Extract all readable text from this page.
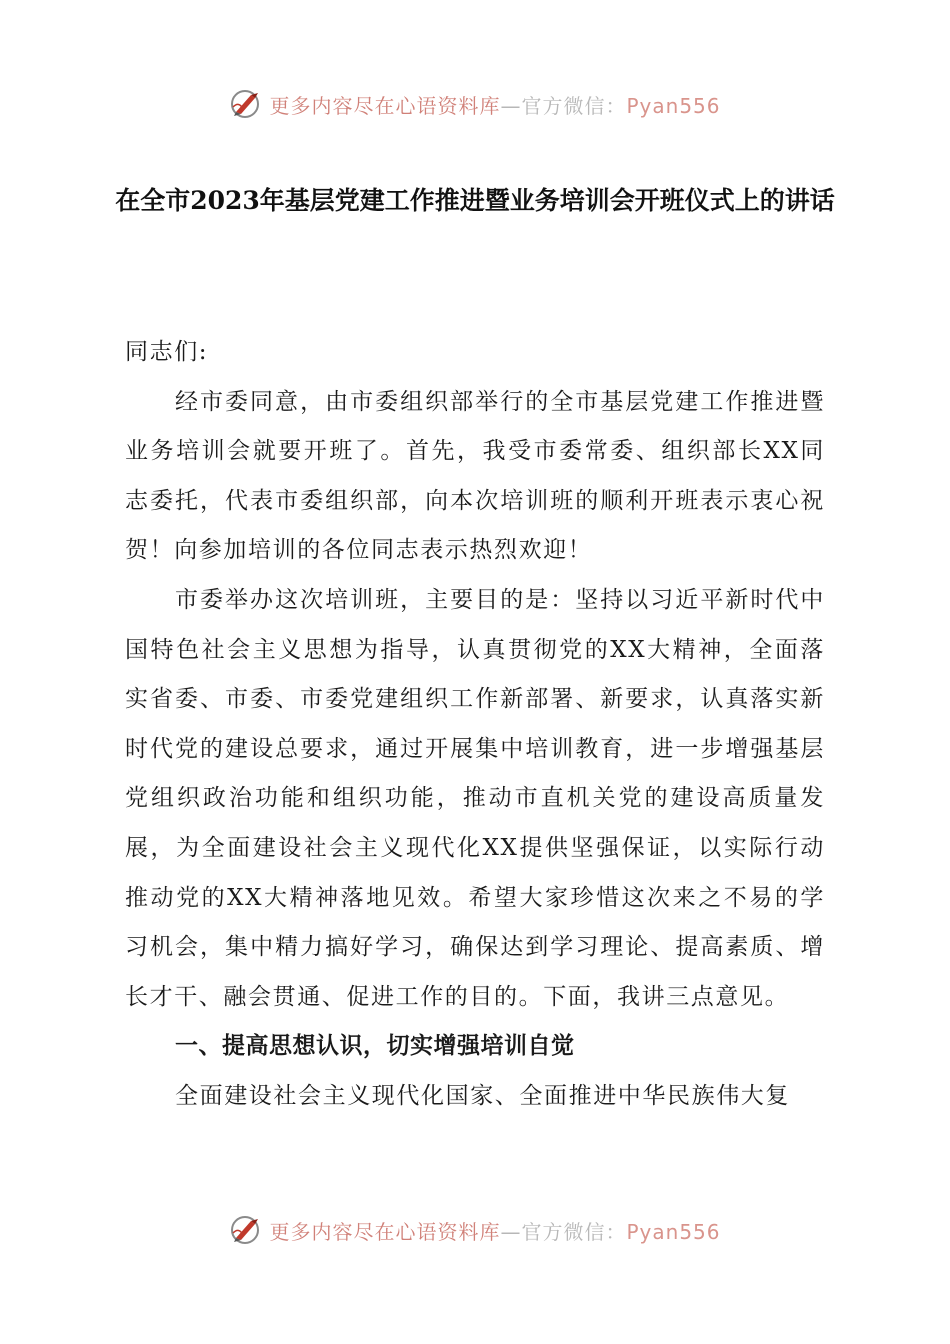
更多内容尽在心语资料库—官方微信：Pyan556
在全市2023年基层党建工作推进暨业务培训会开班仪式上的讲话

同志们:

经市委同意，由市委组织部举行的全市基层党建工作推进暨业务培训会就要开班了。首先，我受市委常委、组织部长XX同志委托，代表市委组织部，向本次培训班的顺利开班表示衷心祝贺！向参加培训的各位同志表示热烈欢迎！

市委举办这次培训班，主要目的是：坚持以习近平新时代中国特色社会主义思想为指导，认真贯彻党的XX大精神，全面落实省委、市委、市委党建组织工作新部署、新要求，认真落实新时代党的建设总要求，通过开展集中培训教育，进一步增强基层党组织政治功能和组织功能，推动市直机关党的建设高质量发展，为全面建设社会主义现代化XX提供坚强保证，以实际行动推动党的XX大精神落地见效。希望大家珍惜这次来之不易的学习机会，集中精力搞好学习，确保达到学习理论、提高素质、增长才干、融会贯通、促进工作的目的。下面，我讲三点意见。

一、提高思想认识，切实增强培训自觉

全面建设社会主义现代化国家、全面推进中华民族伟大复

更多内容尽在心语资料库—官方微信：Pyan556
